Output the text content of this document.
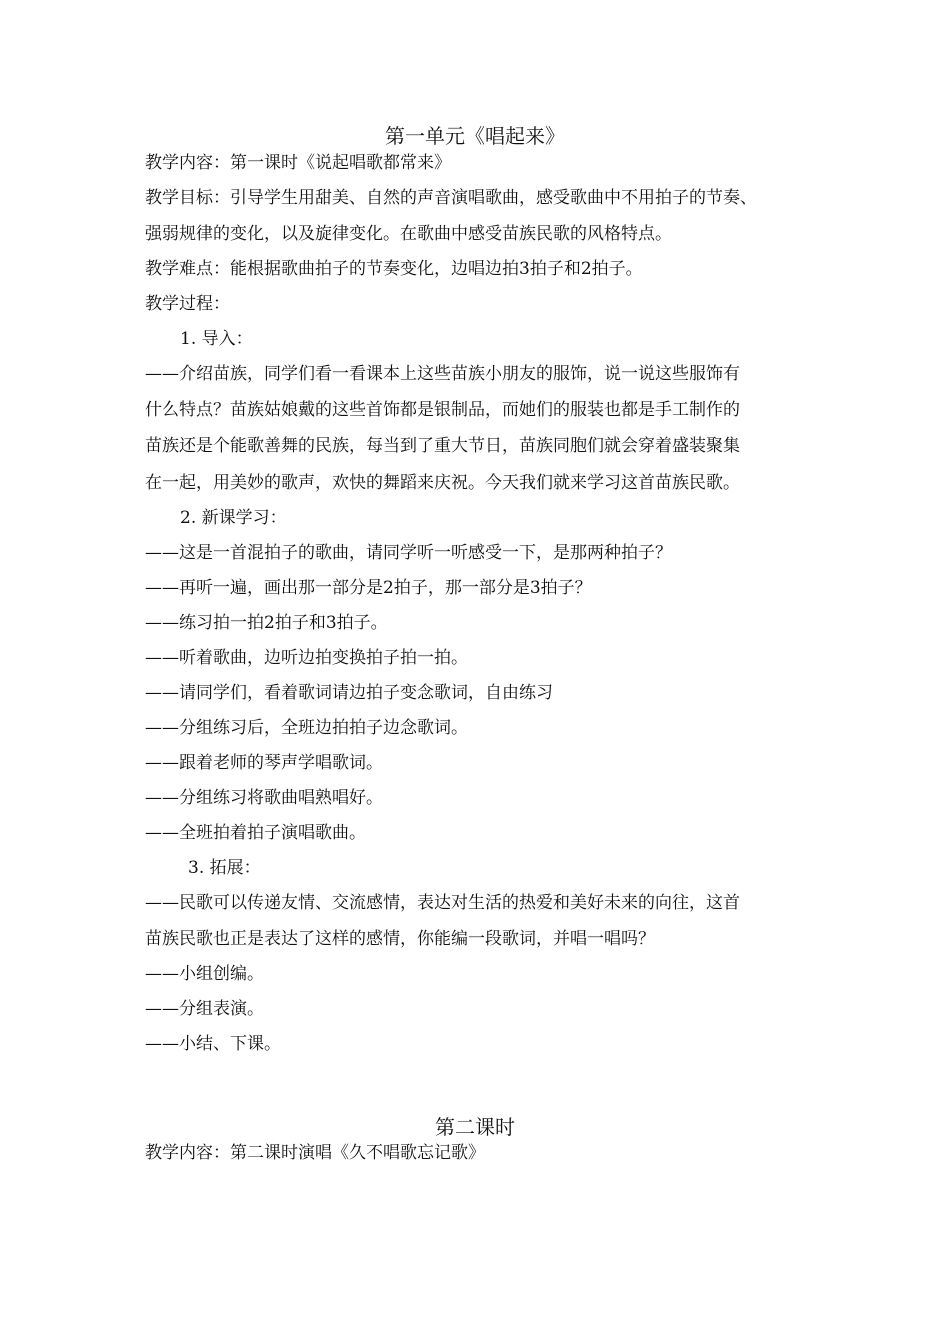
第一单元《唱起来》
教学内容：第一课时《说起唱歌都常来》
教学目标：引导学生用甜美、自然的声音演唱歌曲，感受歌曲中不用拍子的节奏、
强弱规律的变化，以及旋律变化。在歌曲中感受苗族民歌的风格特点。
教学难点：能根据歌曲拍子的节奏变化，边唱边拍3拍子和2拍子。
教学过程：
1. 导入：
——介绍苗族，同学们看一看课本上这些苗族小朋友的服饰，说一说这些服饰有
什么特点？苗族姑娘戴的这些首饰都是银制品，而她们的服装也都是手工制作的
苗族还是个能歌善舞的民族，每当到了重大节日，苗族同胞们就会穿着盛装聚集
在一起，用美妙的歌声，欢快的舞蹈来庆祝。今天我们就来学习这首苗族民歌。
2. 新课学习：
——这是一首混拍子的歌曲，请同学听一听感受一下，是那两种拍子？
——再听一遍，画出那一部分是2拍子，那一部分是3拍子？
——练习拍一拍2拍子和3拍子。
——听着歌曲，边听边拍变换拍子拍一拍。
——请同学们，看着歌词请边拍子变念歌词，自由练习
——分组练习后，全班边拍拍子边念歌词。
——跟着老师的琴声学唱歌词。
——分组练习将歌曲唱熟唱好。
——全班拍着拍子演唱歌曲。
3. 拓展：
——民歌可以传递友情、交流感情，表达对生活的热爱和美好未来的向往，这首
苗族民歌也正是表达了这样的感情，你能编一段歌词，并唱一唱吗？
——小组创编。
——分组表演。
——小结、下课。
第二课时
教学内容：第二课时演唱《久不唱歌忘记歌》
